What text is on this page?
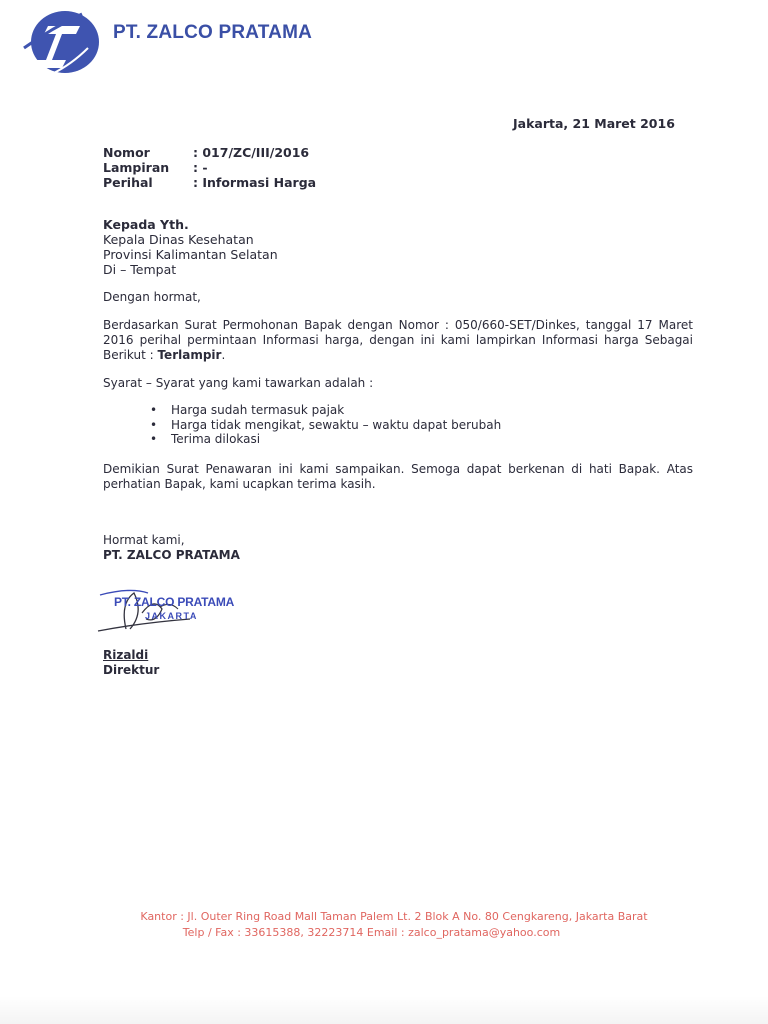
PT. ZALCO PRATAMA
Jakarta, 21 Maret 2016
Nomor	: 017/ZC/III/2016
Lampiran	: -
Perihal	: Informasi Harga
Kepada Yth.
Kepala Dinas Kesehatan
Provinsi Kalimantan Selatan
Di – Tempat
Dengan hormat,
Berdasarkan Surat Permohonan Bapak dengan Nomor : 050/660-SET/Dinkes, tanggal 17 Maret 2016 perihal permintaan Informasi harga, dengan ini kami lampirkan Informasi harga Sebagai Berikut : Terlampir.
Syarat – Syarat yang kami tawarkan adalah :
• Harga sudah termasuk pajak
• Harga tidak mengikat, sewaktu – waktu dapat berubah
• Terima dilokasi
Demikian Surat Penawaran ini kami sampaikan. Semoga dapat berkenan di hati Bapak. Atas perhatian Bapak, kami ucapkan terima kasih.
Hormat kami,
PT. ZALCO PRATAMA
PT. ZALCO PRATAMA
JAKARTA
Rizaldi
Direktur
Kantor : Jl. Outer Ring Road Mall Taman Palem Lt. 2 Blok A No. 80 Cengkareng, Jakarta Barat
Telp / Fax : 33615388, 32223714 Email : zalco_pratama@yahoo.com
